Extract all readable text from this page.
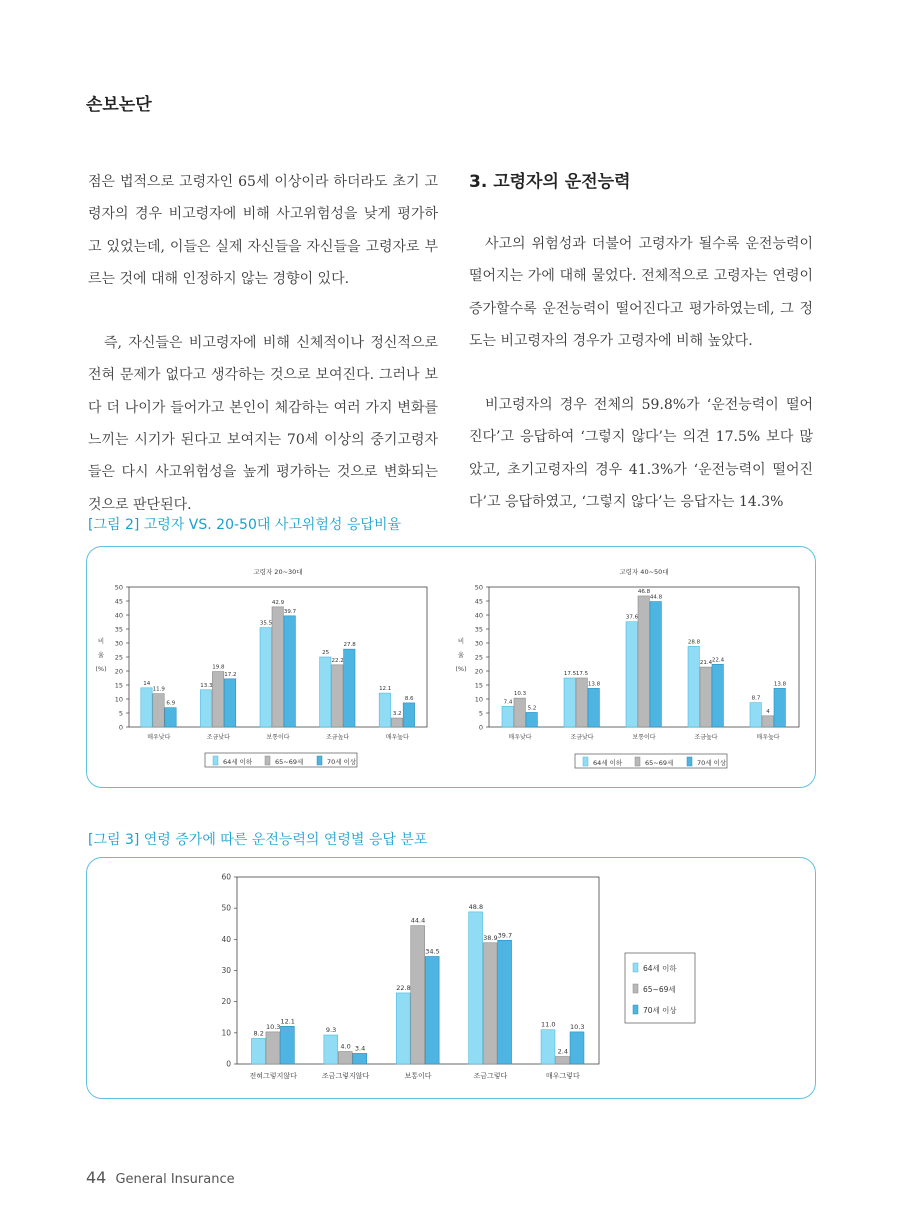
손보논단

점은 법적으로 고령자인 65세 이상이라 하더라도 초기 고령자의 경우 비고령자에 비해 사고위험성을 낮게 평가하고 있었는데, 이들은 실제 자신들을 자신들을 고령자로 부르는 것에 대해 인정하지 않는 경향이 있다.

즉, 자신들은 비고령자에 비해 신체적이나 정신적으로 전혀 문제가 없다고 생각하는 것으로 보여진다. 그러나 보다 더 나이가 들어가고 본인이 체감하는 여러 가지 변화를 느끼는 시기가 된다고 보여지는 70세 이상의 중기고령자들은 다시 사고위험성을 높게 평가하는 것으로 변화되는 것으로 판단된다.

3. 고령자의 운전능력

사고의 위험성과 더불어 고령자가 될수록 운전능력이 떨어지는 가에 대해 물었다. 전체적으로 고령자는 연령이 증가할수록 운전능력이 떨어진다고 평가하였는데, 그 정도는 비고령자의 경우가 고령자에 비해 높았다.

비고령자의 경우 전체의 59.8%가 ‘운전능력이 떨어진다’고 응답하여 ‘그렇지 않다’는 의견 17.5% 보다 많았고, 초기고령자의 경우 41.3%가 ‘운전능력이 떨어진다’고 응답하였고, ‘그렇지 않다’는 응답자는 14.3%

[그림 2] 고령자 VS. 20-50대 사고위험성 응답비율
고령자 20~30대
0
5
10
15
20
25
30
35
40
45
50
비
율
(%)
매우낮다
14
11.9
6.9
조금낮다
13.3
19.8
17.2
보통이다
35.5
42.9
39.7
조금높다
25
22.2
27.8
매우높다
12.1
3.2
8.6
64세 이하	65~69세	70세 이상
고령자 40~50대
0
5
10
15
20
25
30
35
40
45
50
비
율
(%)
매우낮다
7.4
10.3
5.2
조금낮다
17.5 17.5
13.8
보통이다
37.6
46.8
44.8
조금높다
28.8
21.4 22.4
매우높다
8.7
4
13.8
64세 이하	65~69세	70세 이상
[그림 3] 연령 증가에 따른 운전능력의 연령별 응답 분포
0
10
20
30
40
50
60
전혀그렇지않다
8.2
10.3
12.1
조금그렇지않다
9.3
4.0 3.4
보통이다
22.8
44.4
34.5
조금그렇다
48.8
38.9 39.7
매우그렇다
11.0
2.4
10.3
64세 이하
65~69세
70세 이상
44 General Insurance
